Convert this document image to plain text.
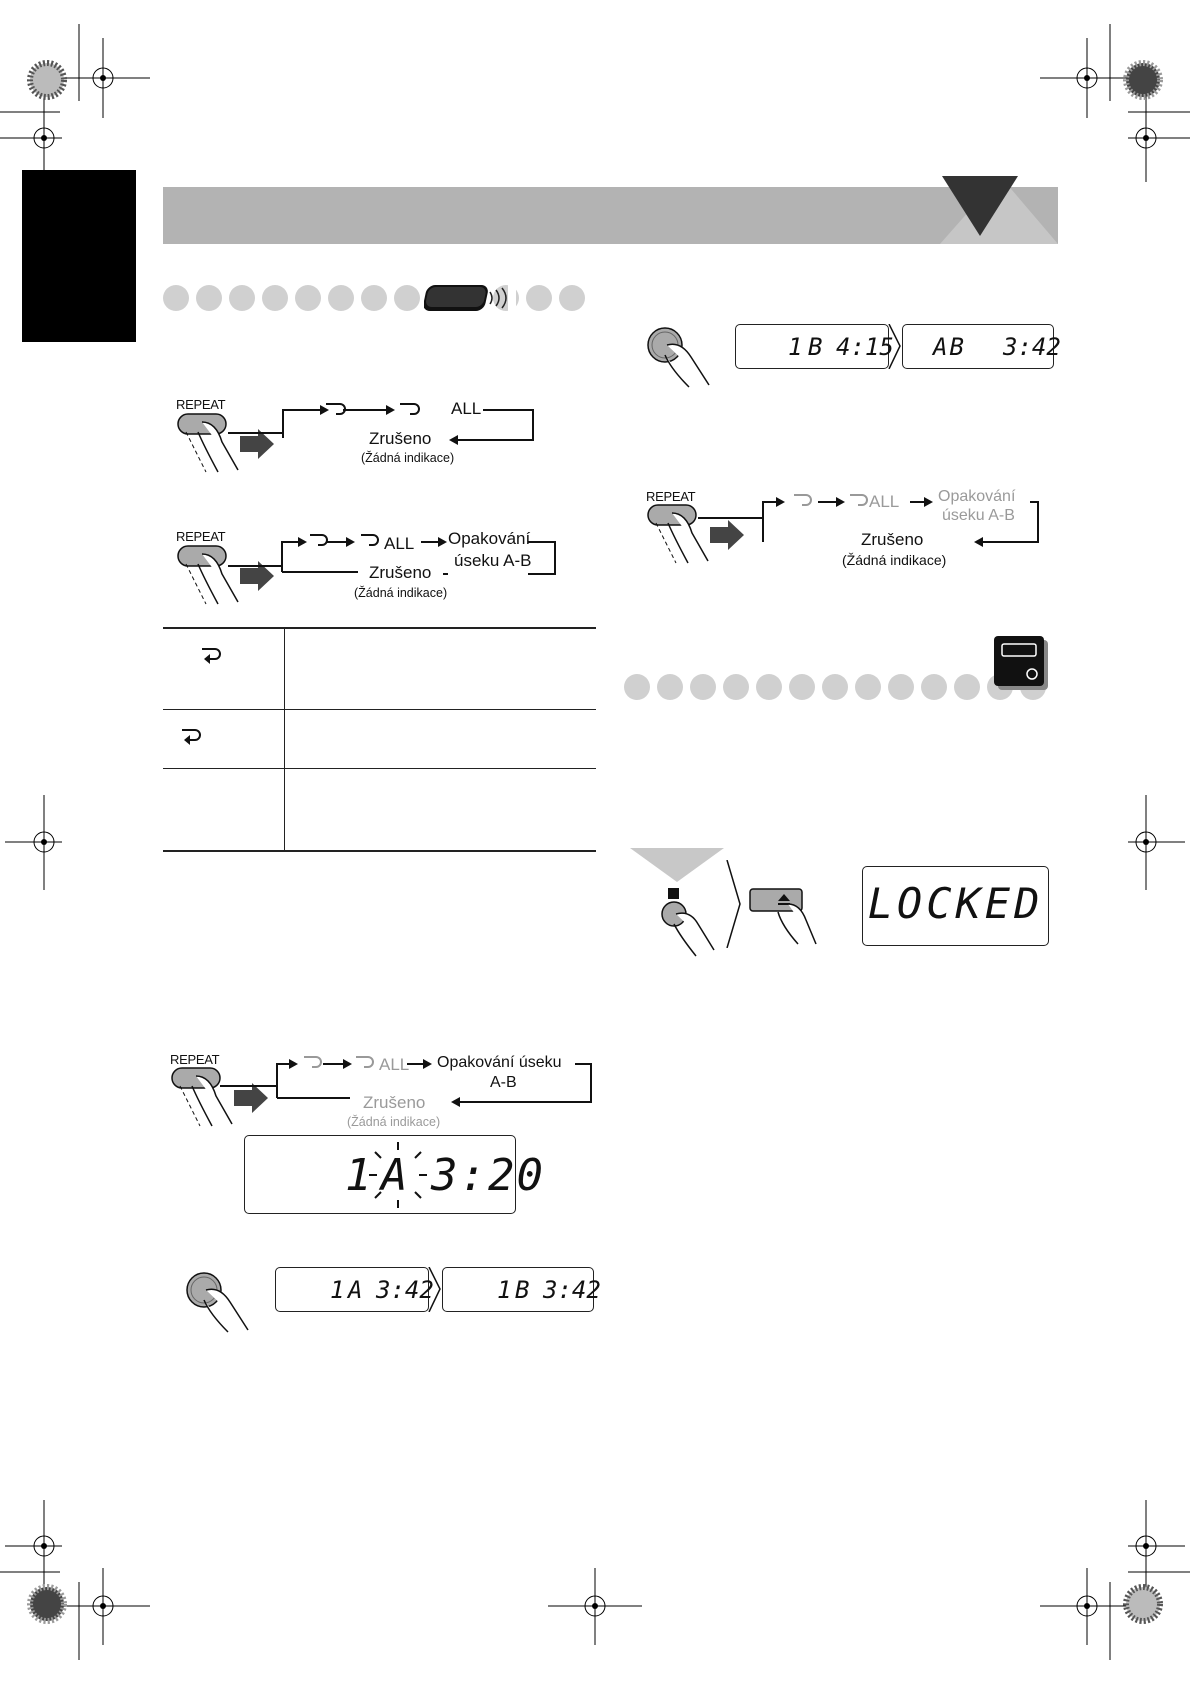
REPEAT	ALL
Zrušeno
(Žádná indikace)
REPEAT	ALL Opakování
úseku A-B
Zrušeno
(Žádná indikace)
REPEAT	ALL Opakování úseku
A-B
Zrušeno
(Žádná indikace)
1 A 3:20
1 A 3:42	1 B 3:42
1 B 4:15 AB 3:42
REPEAT	ALL Opakování
úseku A-B
Zrušeno
(Žádná indikace)
LOCKED
